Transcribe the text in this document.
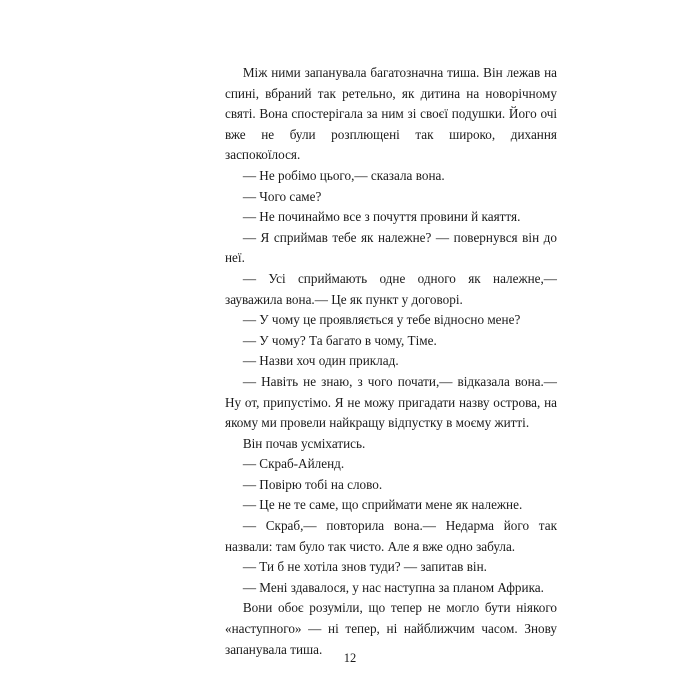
Між ними запанувала багатозначна тиша. Він лежав на спині, вбраний так ретельно, як дитина на новорічному святі. Вона спостерігала за ним зі своєї подушки. Його очі вже не були розплющені так широко, дихання заспокоїлося.

— Не робімо цього,— сказала вона.

— Чого саме?

— Не починаймо все з почуття провини й каяття.

— Я сприймав тебе як належне? — повернувся він до неї.

— Усі сприймають одне одного як належне,— зауважила вона.— Це як пункт у договорі.

— У чому це проявляється у тебе відносно мене?

— У чому? Та багато в чому, Тіме.

— Назви хоч один приклад.

— Навіть не знаю, з чого почати,— відказала вона.— Ну от, припустімо. Я не можу пригадати назву острова, на якому ми провели найкращу відпустку в моєму житті.

Він почав усміхатись.

— Скраб-Айленд.

— Повірю тобі на слово.

— Це не те саме, що сприймати мене як належне.

— Скраб,— повторила вона.— Недарма його так назвали: там було так чисто. Але я вже одно забула.

— Ти б не хотіла знов туди? — запитав він.

— Мені здавалося, у нас наступна за планом Африка.

Вони обоє розуміли, що тепер не могло бути ніякого «наступного» — ні тепер, ні найближчим часом. Знову запанувала тиша.

12
